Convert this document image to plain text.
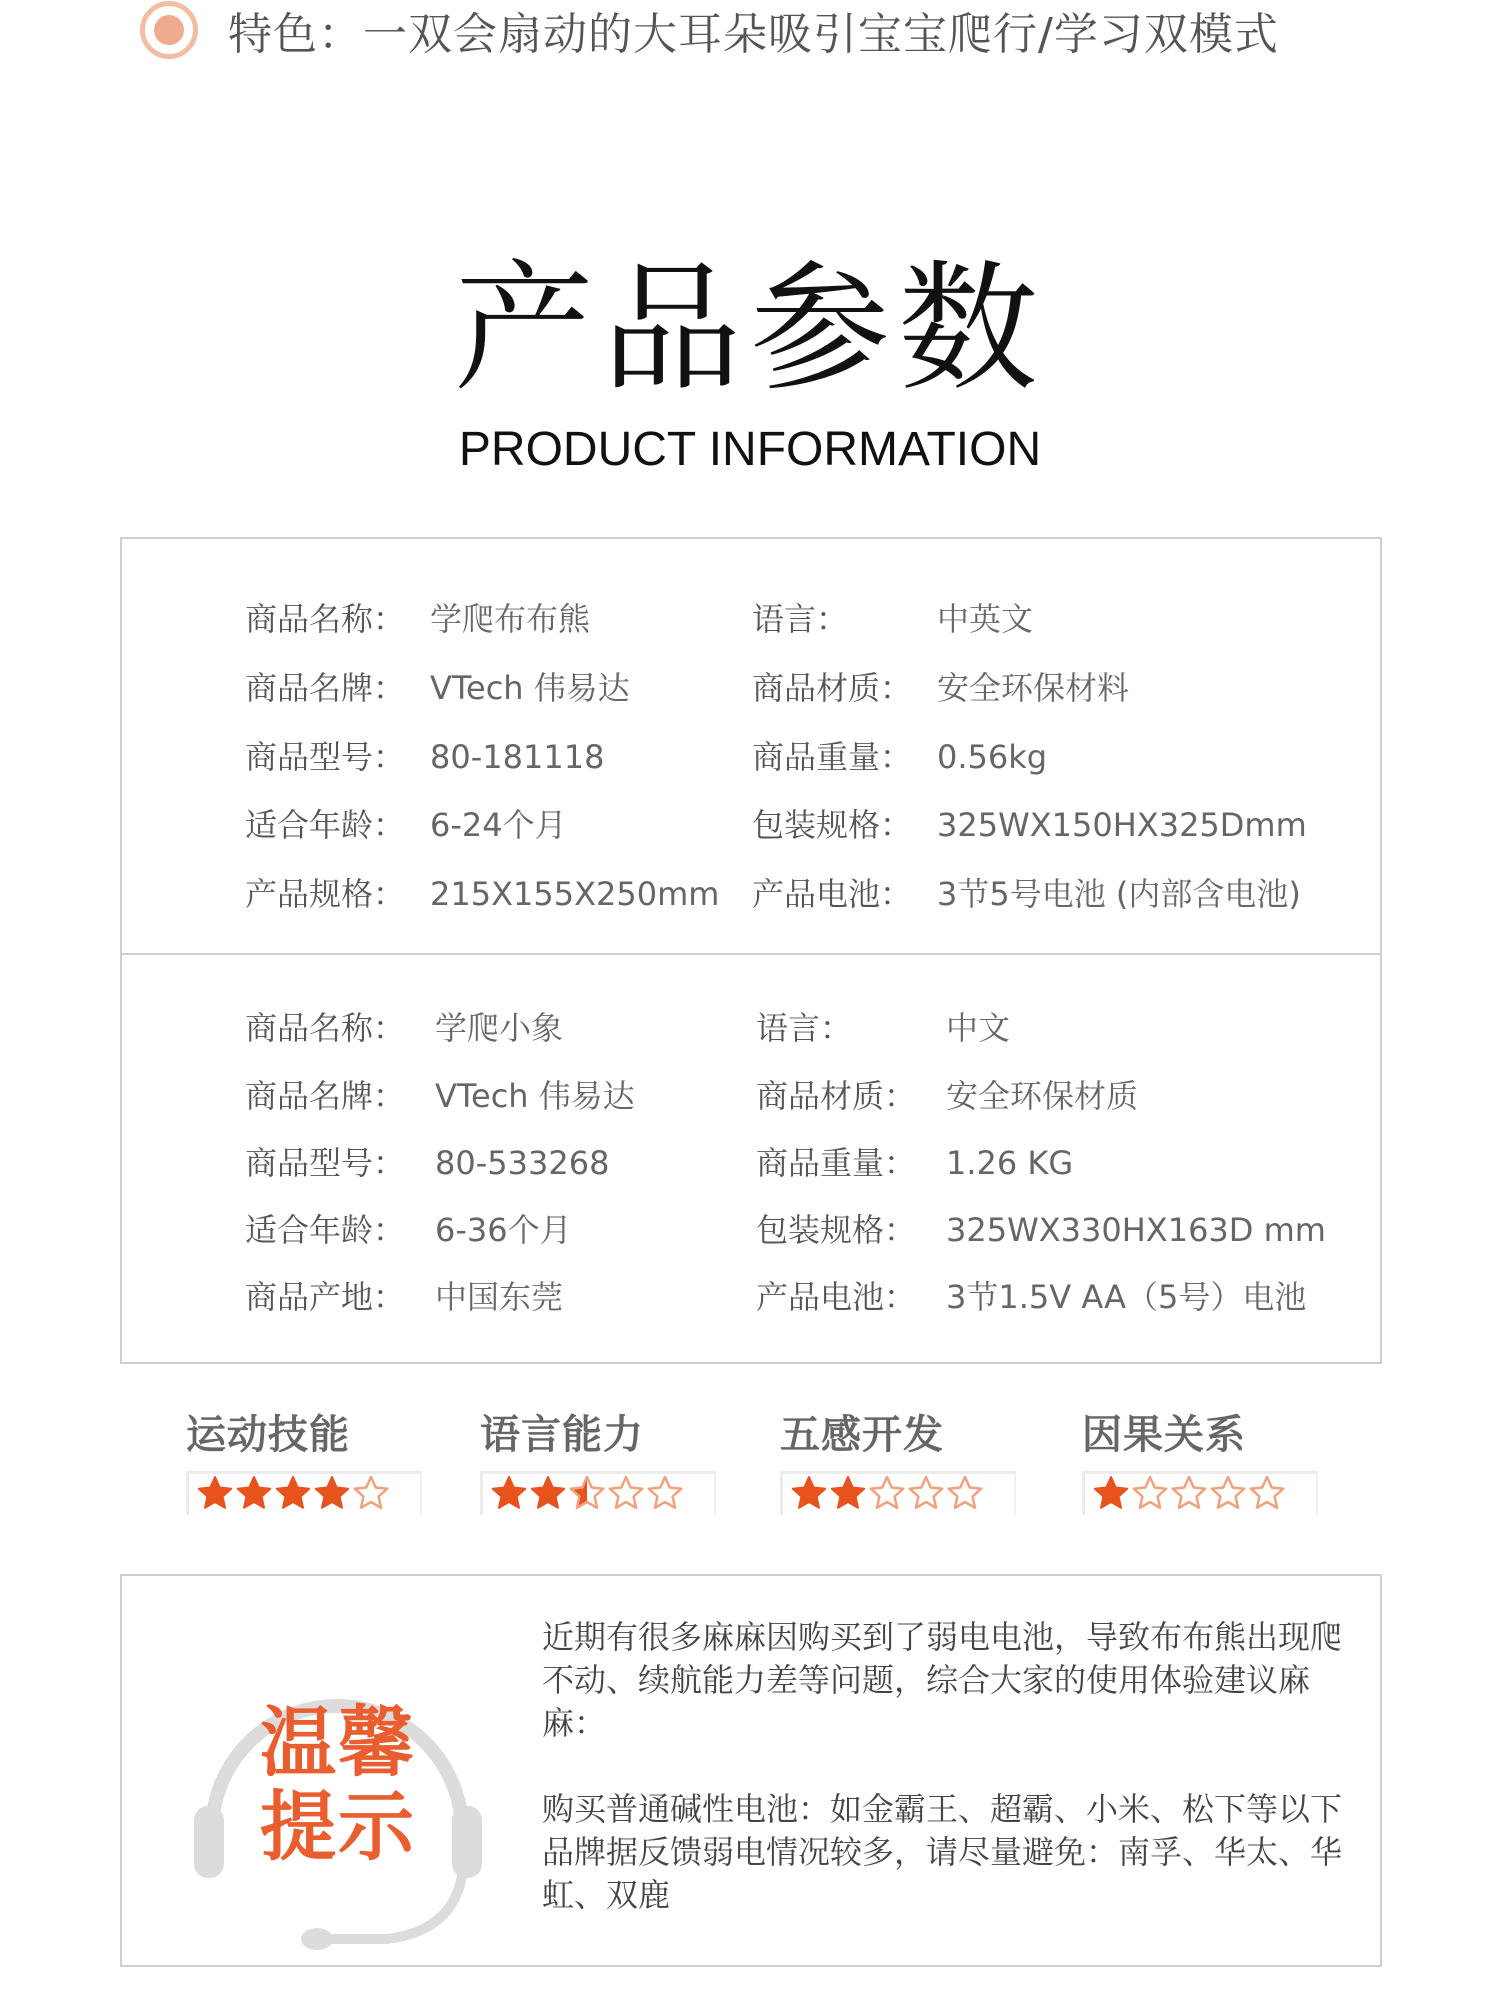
特色：一双会扇动的大耳朵吸引宝宝爬行/学习双模式
产品参数
PRODUCT INFORMATION
商品名称： 学爬布布熊	语言：	中英文
商品名牌： VTech 伟易达	商品材质： 安全环保材料
商品型号： 80-181118	商品重量： 0.56kg
适合年龄： 6-24个月	包装规格： 325WX150HX325Dmm
产品规格： 215X155X250mm 产品电池： 3节5号电池 (内部含电池)
商品名称： 学爬小象	语言：	中文
商品名牌： VTech 伟易达	商品材质： 安全环保材质
商品型号： 80-533268	商品重量： 1.26 KG
适合年龄： 6-36个月	包装规格： 325WX330HX163D mm
商品产地： 中国东莞	产品电池： 3节1.5V AA（5号）电池
运动技能	语言能力	五感开发	因果关系
温馨提示

近期有很多麻麻因购买到了弱电电池，导致布布熊出现爬不动、续航能力差等问题，综合大家的使用体验建议麻麻：

购买普通碱性电池：如金霸王、超霸、小米、松下等以下品牌据反馈弱电情况较多，请尽量避免：南孚、华太、华虹、双鹿
